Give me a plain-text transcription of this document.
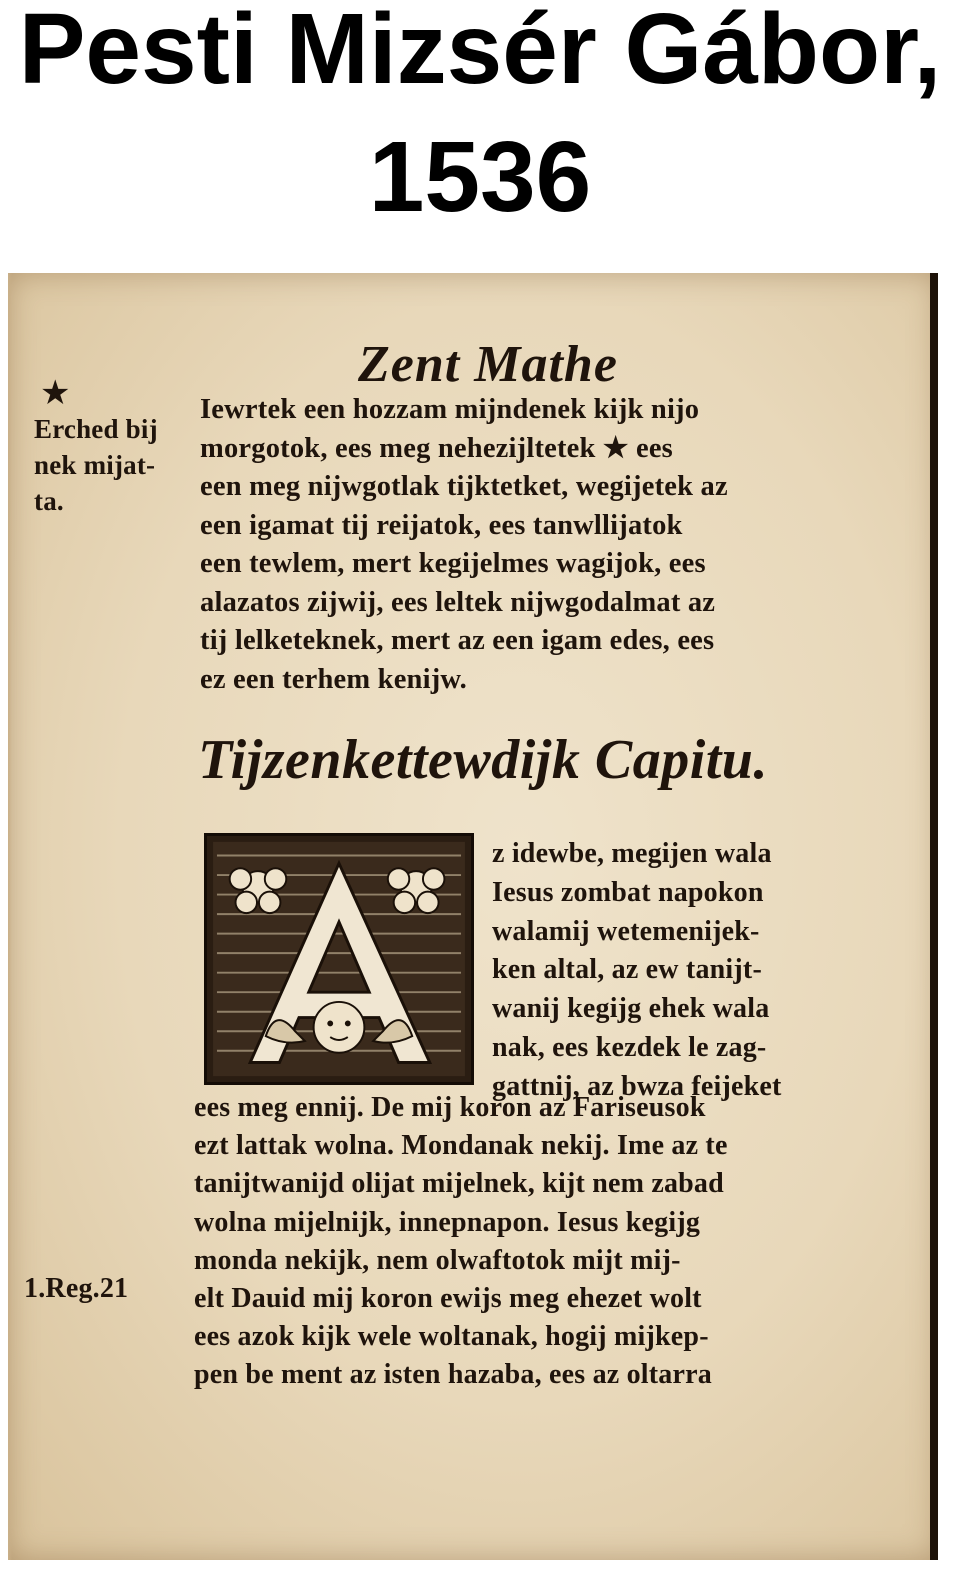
Pesti Mizsér Gábor,
1536
Zent Mathe
★
Erched bij
nek mijat-
ta.
Iewrtek een hozzam mijndenek kijk nijo
morgotok, ees meg nehezijltetek ★ ees
een meg nijwgotlak tijktetket, wegijetek az
een igamat tij reijatok, ees tanwllijatok
een tewlem, mert kegijelmes wagijok, ees
alazatos zijwij, ees leltek nijwgodalmat az
tij lelketeknek, mert az een igam edes, ees
ez een terhem kenijw.
Tijzenkettewdijk Capitu.
z idewbe, megijen wala
Iesus zombat napokon
walamij wetemenijek-
ken altal, az ew tanijt-
wanij kegijg ehek wala
nak, ees kezdek le zag-
gattnij, az bwza feijeket
ees meg ennij. De mij koron az Fariseusok
ezt lattak wolna. Mondanak nekij. Ime az te
tanijtwanijd olijat mijelnek, kijt nem zabad
wolna mijelnijk, innepnapon. Iesus kegijg
monda nekijk, nem olwaftotok mijt mij-
elt Dauid mij koron ewijs meg ehezet wolt
ees azok kijk wele woltanak, hogij mijkep-
pen be ment az isten hazaba, ees az oltarra
1.Reg.21
